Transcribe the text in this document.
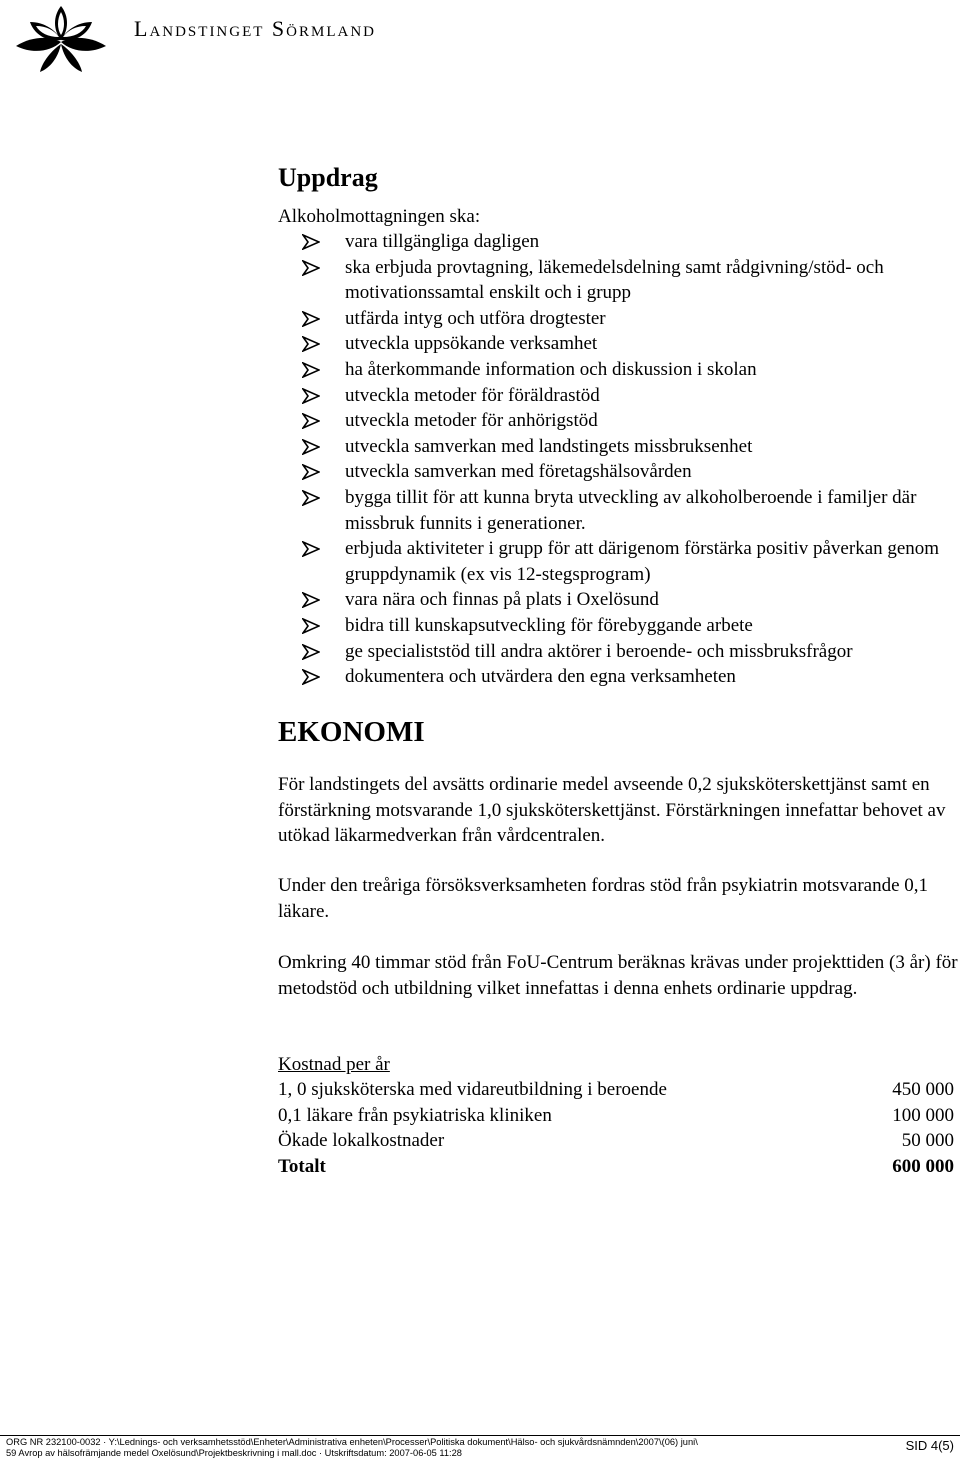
Landstinget Sörmland
Uppdrag
Alkoholmottagningen ska:
vara tillgängliga dagligen
ska erbjuda provtagning, läkemedelsdelning samt rådgivning/stöd- och motivationssamtal enskilt och i grupp
utfärda intyg och utföra drogtester
utveckla uppsökande verksamhet
ha återkommande information och diskussion i skolan
utveckla metoder för föräldrastöd
utveckla metoder för anhörigstöd
utveckla samverkan med landstingets missbruksenhet
utveckla samverkan med företagshälsovården
bygga tillit för att kunna bryta utveckling av alkoholberoende i familjer där missbruk funnits i generationer.
erbjuda aktiviteter i grupp för att därigenom förstärka positiv påverkan genom gruppdynamik (ex vis 12-stegsprogram)
vara nära och finnas på plats i Oxelösund
bidra till kunskapsutveckling för förebyggande arbete
ge specialiststöd till andra aktörer i beroende- och missbruksfrågor
dokumentera och utvärdera den egna verksamheten
EKONOMI

För landstingets del avsätts ordinarie medel avseende 0,2 sjuksköterskettjänst samt en förstärkning motsvarande 1,0 sjuksköterskettjänst. Förstärkningen innefattar behovet av utökad läkarmedverkan från vårdcentralen.

Under den treåriga försöksverksamheten fordras stöd från psykiatrin motsvarande 0,1 läkare.

Omkring 40 timmar stöd från FoU-Centrum beräknas krävas under projekttiden (3 år) för metodstöd och utbildning vilket innefattas i denna enhets ordinarie uppdrag.

Kostnad per år
1, 0 sjuksköterska med vidareutbildning i beroende	450 000
0,1 läkare från psykiatriska kliniken	100 000
Ökade lokalkostnader	50 000
Totalt	600 000
ORG NR 232100-0032 · Y:\Lednings- och verksamhetsstöd\Enheter\Administrativa enheten\Processer\Politiska dokument\Hälso- och sjukvårdsnämnden\2007\(06) juni\
59 Avrop av hälsofrämjande medel Oxelösund\Projektbeskrivning i mall.doc · Utskriftsdatum: 2007-06-05 11:28	SID 4(5)
